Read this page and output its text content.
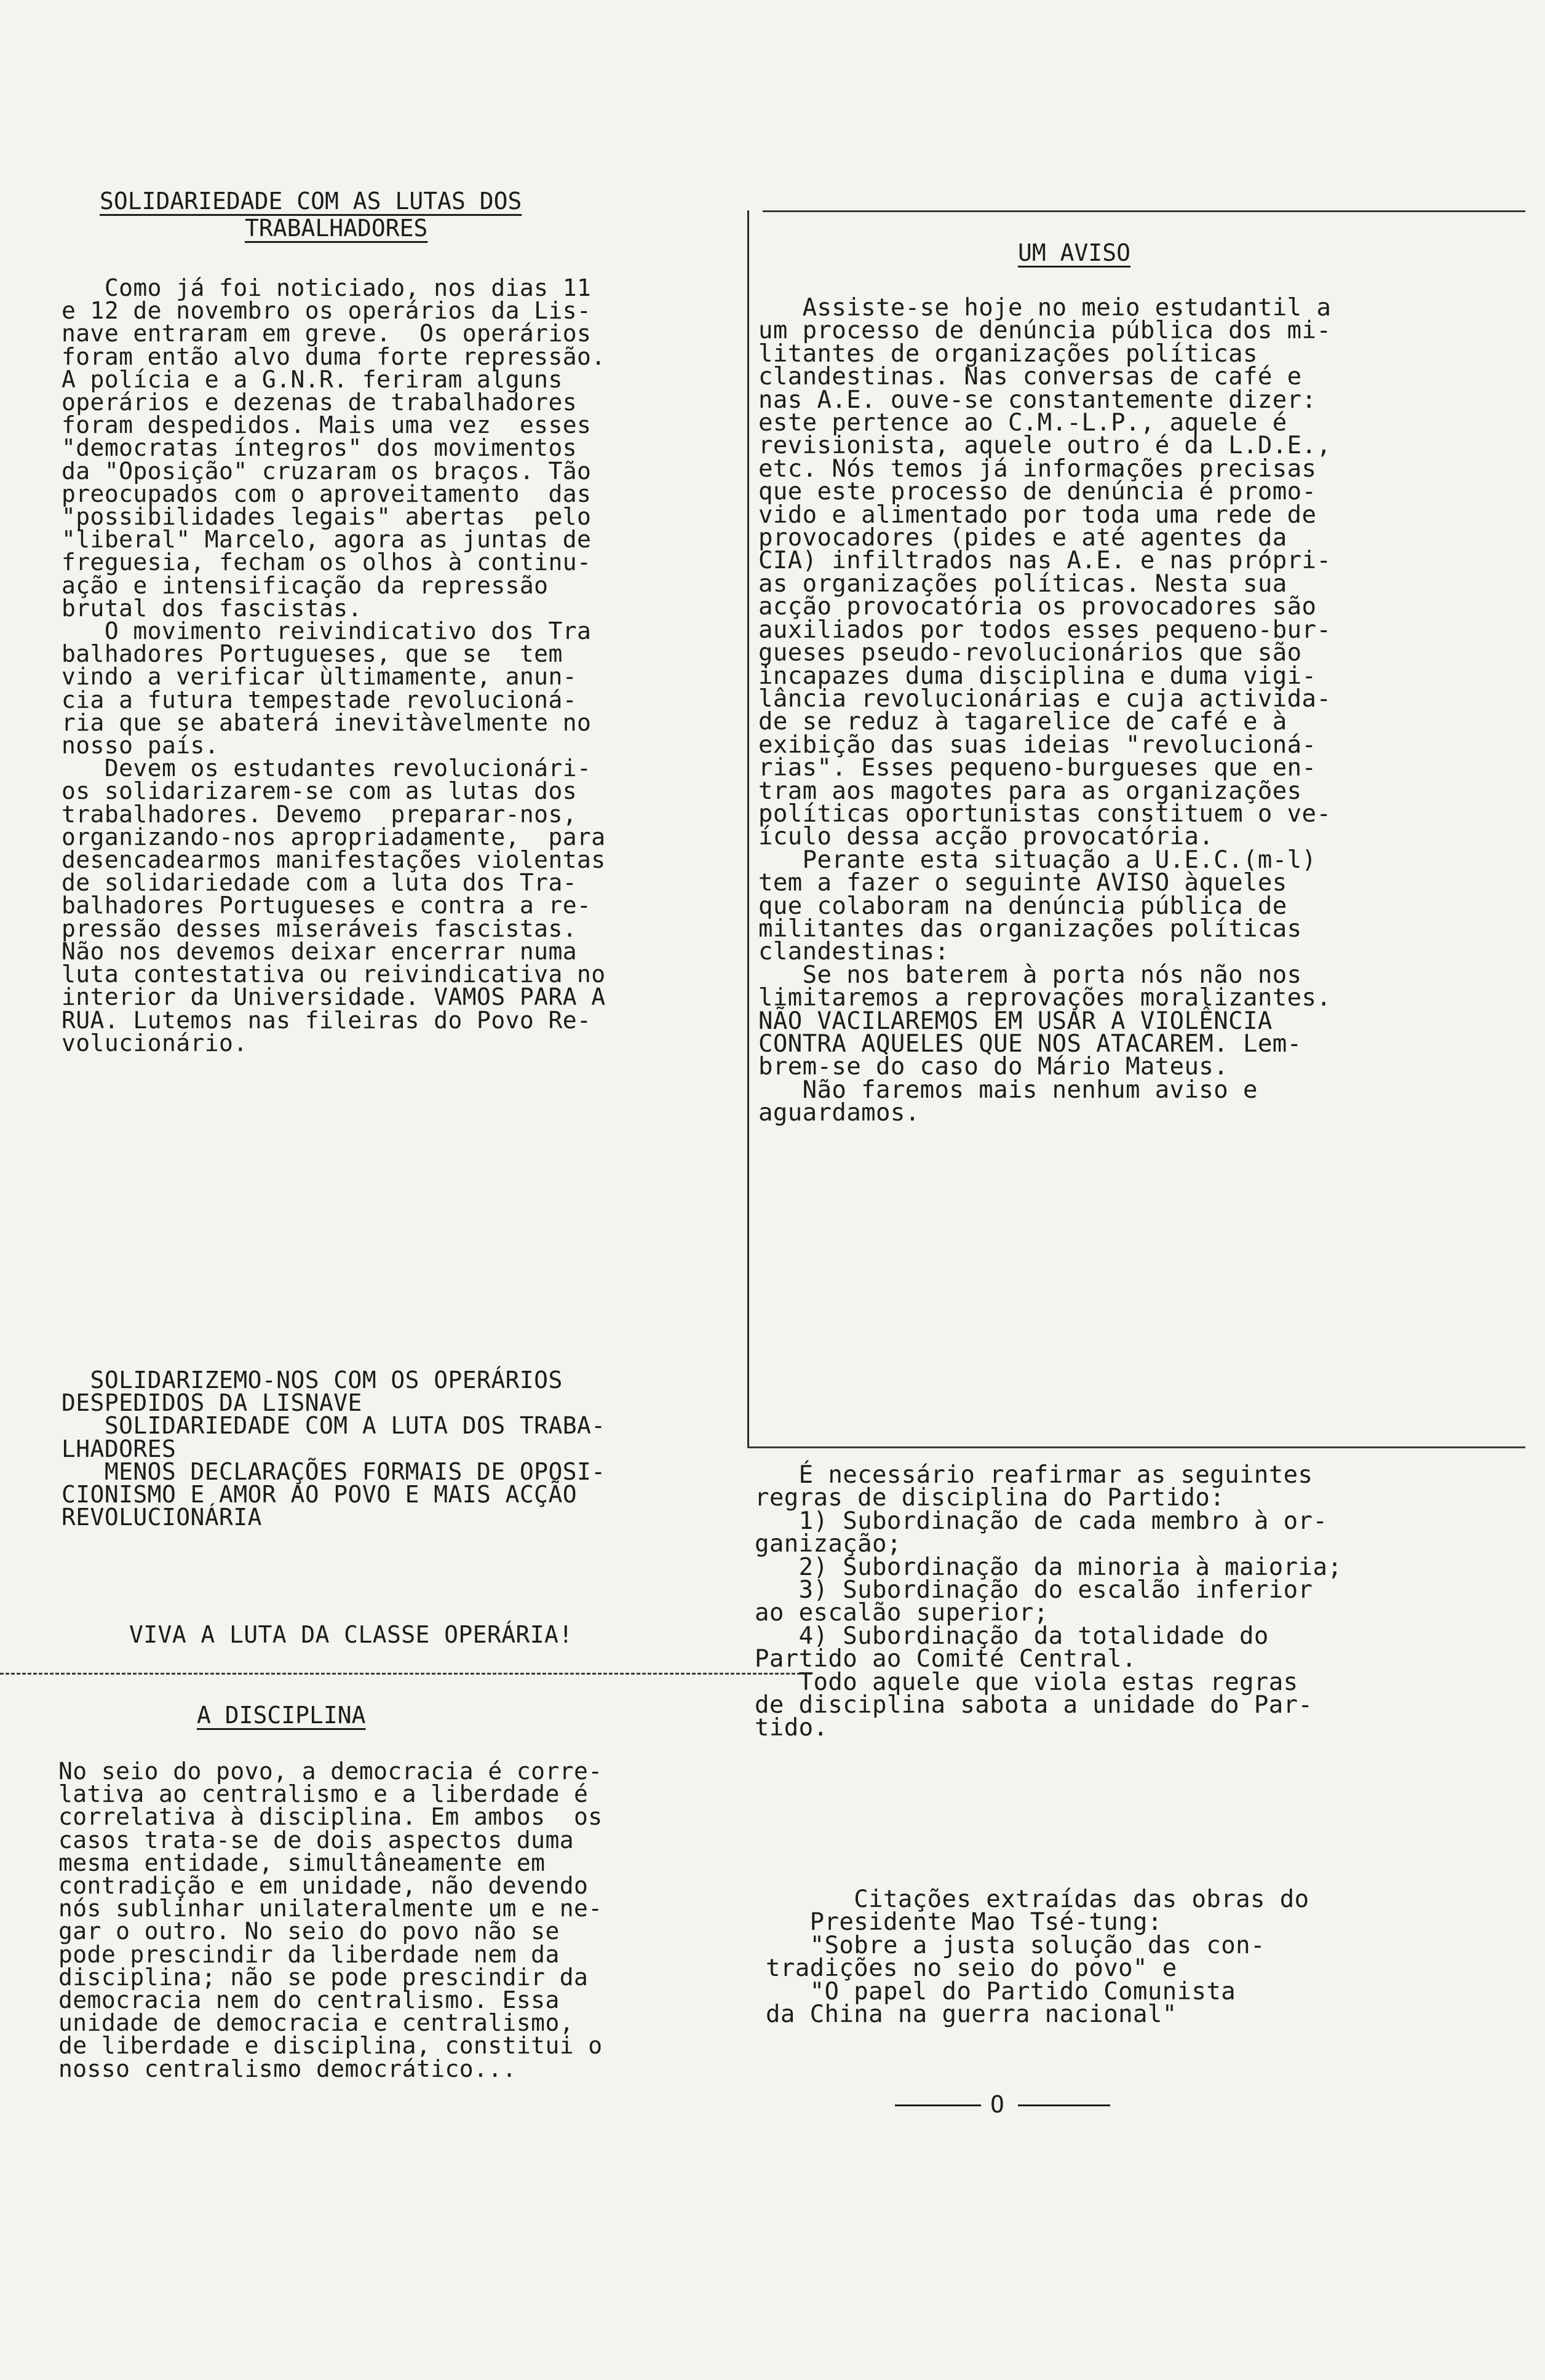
SOLIDARIEDADE COM AS LUTAS DOS
TRABALHADORES
Como já foi noticiado, nos dias 11
e 12 de novembro os operários da Lis-
nave entraram em greve.  Os operários
foram então alvo duma forte repressão.
A polícia e a G.N.R. feriram alguns
operários e dezenas de trabalhadores
foram despedidos. Mais uma vez  esses
"democratas íntegros" dos movimentos
da "Oposição" cruzaram os braços. Tão
preocupados com o aproveitamento  das
"possibilidades legais" abertas  pelo
"liberal" Marcelo, agora as juntas de
freguesia, fecham os olhos à continu-
ação e intensificação da repressão
brutal dos fascistas.
O movimento reivindicativo dos Tra
balhadores Portugueses, que se  tem
vindo a verificar ùltimamente, anun-
cia a futura tempestade revolucioná-
ria que se abaterá inevitàvelmente no
nosso país.
Devem os estudantes revolucionári-
os solidarizarem-se com as lutas dos
trabalhadores. Devemo  preparar-nos,
organizando-nos apropriadamente,  para
desencadearmos manifestações violentas
de solidariedade com a luta dos Tra-
balhadores Portugueses e contra a re-
pressão desses miseráveis fascistas.
Não nos devemos deixar encerrar numa
luta contestativa ou reivindicativa no
interior da Universidade. VAMOS PARA A
RUA. Lutemos nas fileiras do Povo Re-
volucionário.
SOLIDARIZEMO-NOS COM OS OPERÁRIOS
DESPEDIDOS DA LISNAVE
SOLIDARIEDADE COM A LUTA DOS TRABA-
LHADORES
MENOS DECLARAÇÕES FORMAIS DE OPOSI-
CIONISMO E AMOR AO POVO E MAIS ACÇÃO
REVOLUCIONÁRIA
VIVA A LUTA DA CLASSE OPERÁRIA!
A DISCIPLINA
No seio do povo, a democracia é corre-
lativa ao centralismo e a liberdade é
correlativa à disciplina. Em ambos  os
casos trata-se de dois aspectos duma
mesma entidade, simultâneamente em
contradição e em unidade, não devendo
nós sublinhar unilateralmente um e ne-
gar o outro. No seio do povo não se
pode prescindir da liberdade nem da
disciplina; não se pode prescindir da
democracia nem do centralismo. Essa
unidade de democracia e centralismo,
de liberdade e disciplina, constitui o
nosso centralismo democrático...
UM AVISO
Assiste-se hoje no meio estudantil a
um processo de denúncia pública dos mi-
litantes de organizações políticas
clandestinas. Nas conversas de café e
nas A.E. ouve-se constantemente dizer:
este pertence ao C.M.-L.P., aquele é
revisionista, aquele outro é da L.D.E.,
etc. Nós temos já informações precisas
que este processo de denúncia é promo-
vido e alimentado por toda uma rede de
provocadores (pides e até agentes da
CIA) infiltrados nas A.E. e nas própri-
as organizações políticas. Nesta sua
acção provocatória os provocadores são
auxiliados por todos esses pequeno-bur-
gueses pseudo-revolucionários que são
incapazes duma disciplina e duma vigi-
lância revolucionárias e cuja activida-
de se reduz à tagarelice de café e à
exibição das suas ideias "revolucioná-
rias". Esses pequeno-burgueses que en-
tram aos magotes para as organizações
políticas oportunistas constituem o ve-
ículo dessa acção provocatória.
Perante esta situação a U.E.C.(m-l)
tem a fazer o seguinte AVISO àqueles
que colaboram na denúncia pública de
militantes das organizações políticas
clandestinas:
Se nos baterem à porta nós não nos
limitaremos a reprovações moralizantes.
NÃO VACILAREMOS EM USAR A VIOLÊNCIA
CONTRA AQUELES QUE NOS ATACAREM. Lem-
brem-se do caso do Mário Mateus.
Não faremos mais nenhum aviso e
aguardamos.
É necessário reafirmar as seguintes
regras de disciplina do Partido:
1) Subordinação de cada membro à or-
ganização;
2) Subordinação da minoria à maioria;
3) Subordinação do escalão inferior
ao escalão superior;
4) Subordinação da totalidade do
Partido ao Comité Central.
Todo aquele que viola estas regras
de disciplina sabota a unidade do Par-
tido.
Citações extraídas das obras do
Presidente Mao Tsé-tung:
"Sobre a justa solução das con-
tradições no seio do povo" e
"O papel do Partido Comunista
da China na guerra nacional"
O
